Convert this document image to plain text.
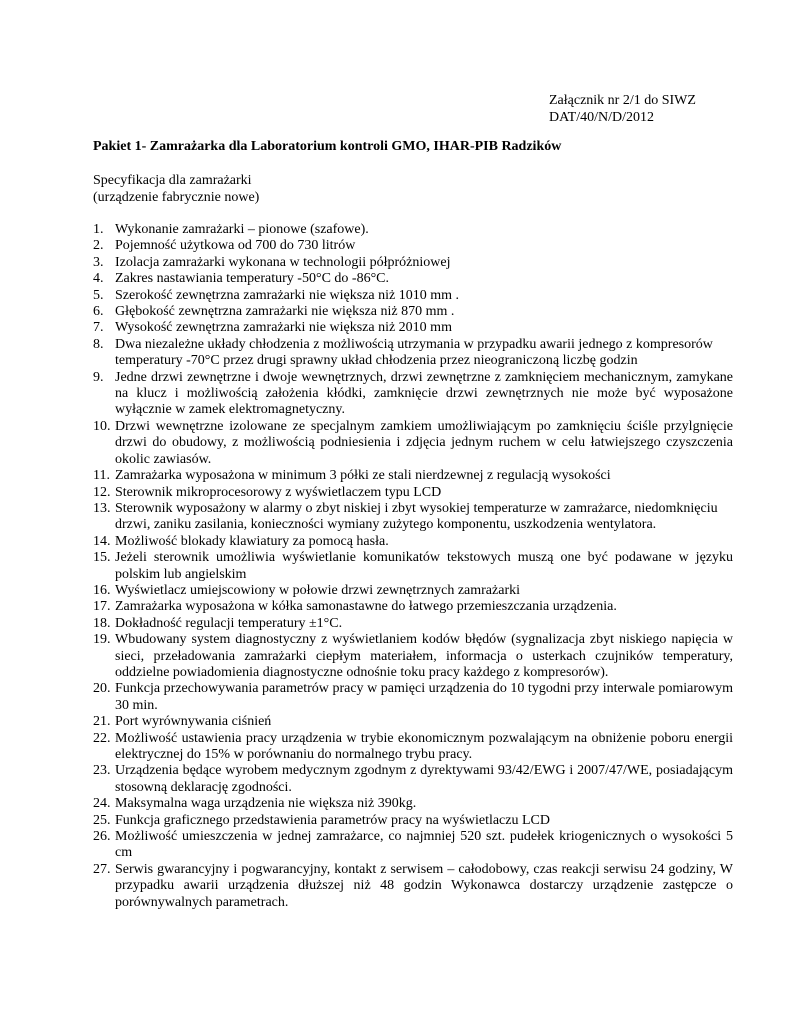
Załącznik nr 2/1 do SIWZ
DAT/40/N/D/2012
Pakiet 1- Zamrażarka dla Laboratorium kontroli GMO, IHAR-PIB Radzików
Specyfikacja dla zamrażarki
(urządzenie fabrycznie nowe)
1. Wykonanie zamrażarki – pionowe (szafowe).
2. Pojemność użytkowa od 700 do 730 litrów
3. Izolacja zamrażarki wykonana w technologii półpróżniowej
4. Zakres nastawiania temperatury -50°C do -86°C.
5. Szerokość zewnętrzna zamrażarki nie większa niż 1010 mm .
6. Głębokość zewnętrzna zamrażarki nie większa niż 870 mm .
7. Wysokość zewnętrzna zamrażarki nie większa niż 2010 mm
8. Dwa niezależne układy chłodzenia z możliwością utrzymania w przypadku awarii jednego z kompresorów temperatury -70°C przez drugi sprawny układ chłodzenia przez nieograniczoną liczbę godzin
9. Jedne drzwi zewnętrzne i dwoje wewnętrznych, drzwi zewnętrzne z zamknięciem mechanicznym, zamykane na klucz i możliwością założenia kłódki, zamknięcie drzwi zewnętrznych nie może być wyposażone wyłącznie w zamek elektromagnetyczny.
10. Drzwi wewnętrzne izolowane ze specjalnym zamkiem umożliwiającym po zamknięciu ściśle przylgnięcie drzwi do obudowy, z możliwością podniesienia i zdjęcia jednym ruchem w celu łatwiejszego czyszczenia okolic zawiasów.
11. Zamrażarka wyposażona w minimum 3 półki ze stali nierdzewnej z regulacją wysokości
12. Sterownik mikroprocesorowy z wyświetlaczem typu LCD
13. Sterownik wyposażony w alarmy o zbyt niskiej i zbyt wysokiej temperaturze w zamrażarce, niedomknięciu drzwi, zaniku zasilania, konieczności wymiany zużytego komponentu, uszkodzenia wentylatora.
14. Możliwość blokady klawiatury za pomocą hasła.
15. Jeżeli sterownik umożliwia wyświetlanie komunikatów tekstowych muszą one być podawane w języku polskim lub angielskim
16. Wyświetlacz umiejscowiony w połowie drzwi zewnętrznych zamrażarki
17. Zamrażarka wyposażona w kółka samonastawne do łatwego przemieszczania urządzenia.
18. Dokładność regulacji temperatury ±1°C.
19. Wbudowany system diagnostyczny z wyświetlaniem kodów błędów (sygnalizacja zbyt niskiego napięcia w sieci, przeładowania zamrażarki ciepłym materiałem, informacja o usterkach czujników temperatury, oddzielne powiadomienia diagnostyczne odnośnie toku pracy każdego z kompresorów).
20. Funkcja przechowywania parametrów pracy w pamięci urządzenia do 10 tygodni przy interwale pomiarowym 30 min.
21. Port wyrównywania ciśnień
22. Możliwość ustawienia pracy urządzenia w trybie ekonomicznym pozwalającym na obniżenie poboru energii elektrycznej do 15% w porównaniu do normalnego trybu pracy.
23. Urządzenia będące wyrobem medycznym zgodnym z dyrektywami 93/42/EWG i 2007/47/WE, posiadającym stosowną deklarację zgodności.
24. Maksymalna waga urządzenia nie większa niż 390kg.
25. Funkcja graficznego przedstawienia parametrów pracy na wyświetlaczu LCD
26. Możliwość umieszczenia w jednej zamrażarce, co najmniej 520 szt. pudełek kriogenicznych o wysokości 5 cm
27. Serwis gwarancyjny i pogwarancyjny, kontakt z serwisem – całodobowy, czas reakcji serwisu 24 godziny, W przypadku awarii urządzenia dłuższej niż 48 godzin Wykonawca dostarczy urządzenie zastępcze o porównywalnych parametrach.
